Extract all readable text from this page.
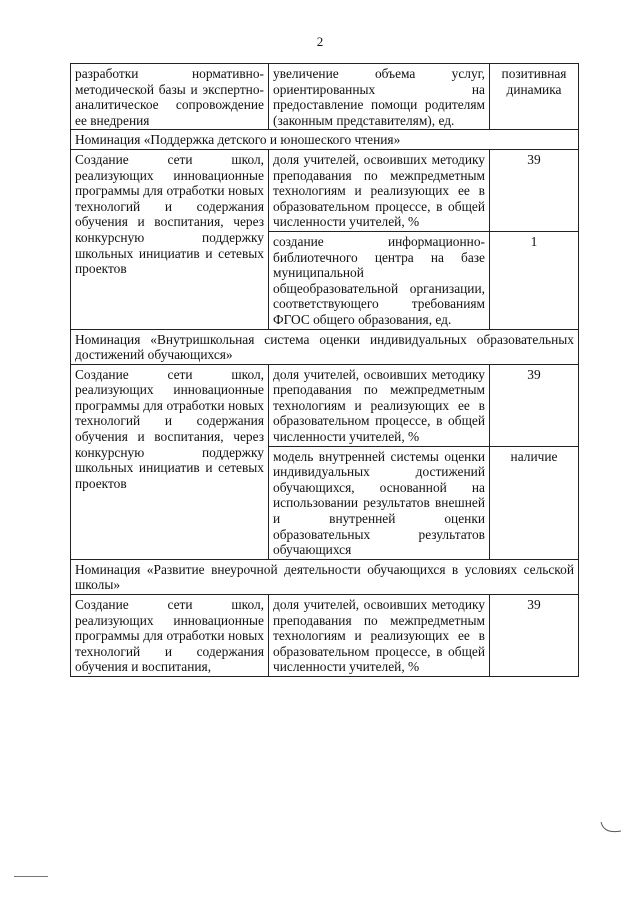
2
разработки нормативно-методической базы и экспертно-аналитическое сопровождение ее внедрения	увеличение объема услуг, ориентированных на предоставление помощи родителям (законным представителям), ед.	позитивная динамика
Номинация «Поддержка детского и юношеского чтения»		
Создание сети школ, реализующих инновационные программы для отработки новых технологий и содержания обучения и воспитания, через конкурсную поддержку школьных инициатив и сетевых проектов	доля учителей, освоивших методику преподавания по межпредметным технологиям и реализующих ее в образовательном процессе, в общей численности учителей, %	39
	создание информационно-библиотечного центра на базе муниципальной общеобразовательной организации, соответствующего требованиям ФГОС общего образования, ед.	1
Номинация «Внутришкольная система оценки индивидуальных образовательных достижений обучающихся»		
Создание сети школ, реализующих инновационные программы для отработки новых технологий и содержания обучения и воспитания, через конкурсную поддержку школьных инициатив и сетевых проектов	доля учителей, освоивших методику преподавания по межпредметным технологиям и реализующих ее в образовательном процессе, в общей численности учителей, %	39
	модель внутренней системы оценки индивидуальных достижений обучающихся, основанной на использовании результатов внешней и внутренней оценки образовательных результатов обучающихся	наличие
Номинация «Развитие внеурочной деятельности обучающихся в условиях сельской школы»		
Создание сети школ, реализующих инновационные программы для отработки новых технологий и содержания обучения и воспитания,	доля учителей, освоивших методику преподавания по межпредметным технологиям и реализующих ее в образовательном процессе, в общей численности учителей, %	39
